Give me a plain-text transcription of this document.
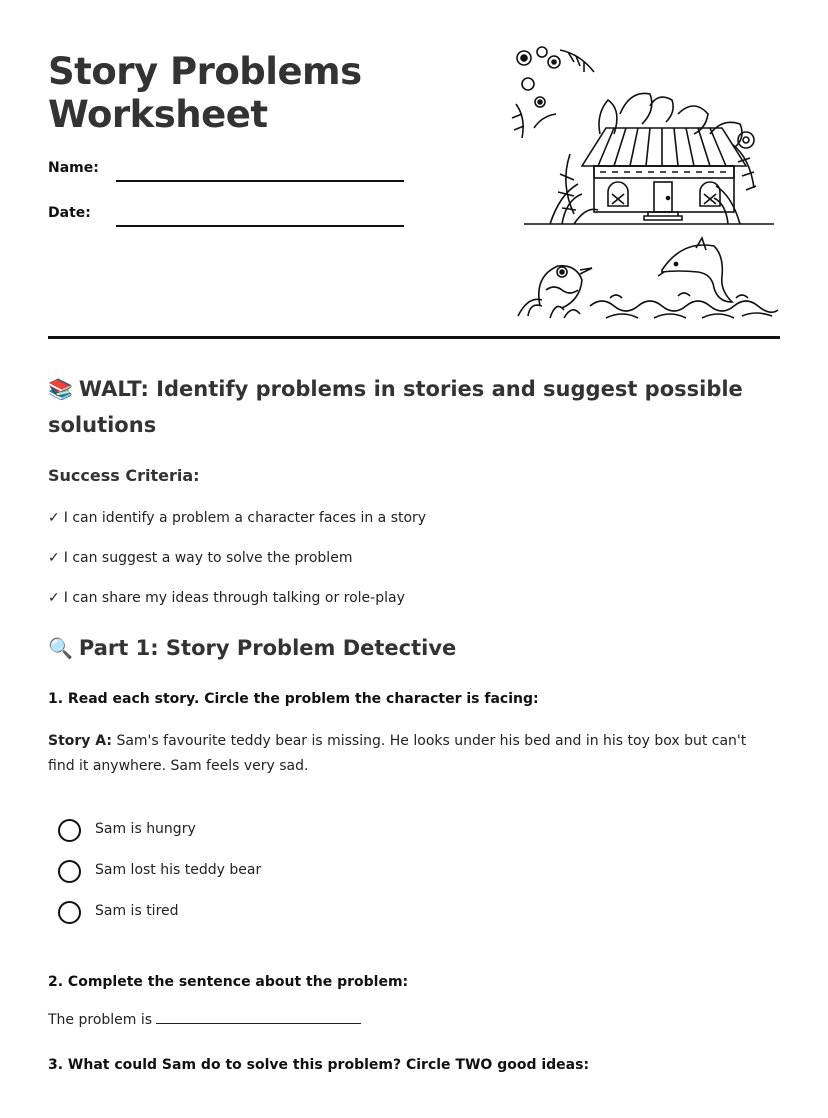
Story Problems
Worksheet
Name:
Date:
📚 WALT: Identify problems in stories and suggest possible solutions
Success Criteria:
✓ I can identify a problem a character faces in a story
✓ I can suggest a way to solve the problem
✓ I can share my ideas through talking or role-play
🔍 Part 1: Story Problem Detective
1. Read each story. Circle the problem the character is facing:
Story A: Sam's favourite teddy bear is missing. He looks under his bed and in his toy box but can't find it anywhere. Sam feels very sad.
Sam is hungry
Sam lost his teddy bear
Sam is tired
2. Complete the sentence about the problem:
The problem is
3. What could Sam do to solve this problem? Circle TWO good ideas:
